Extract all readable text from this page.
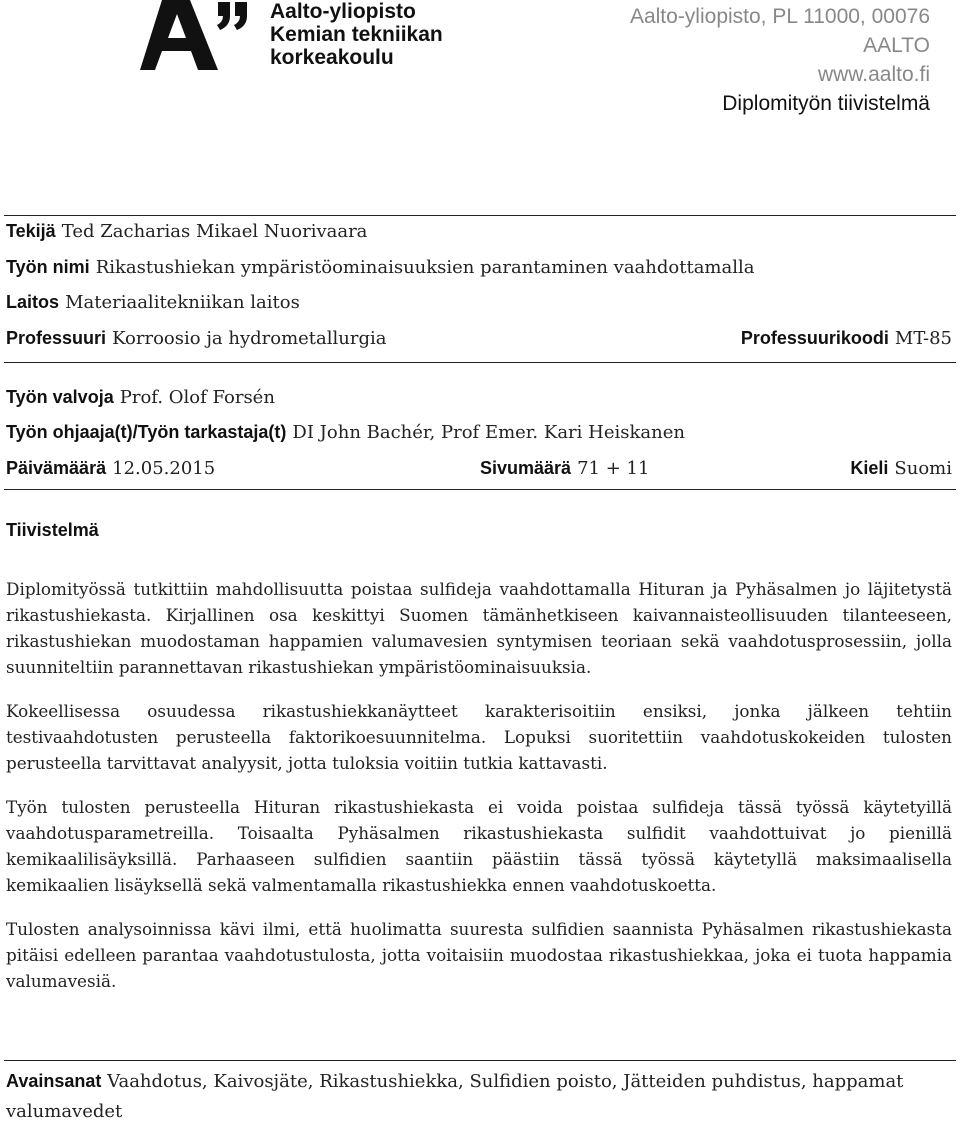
Aalto-yliopisto
Kemian tekniikan
korkeakoulu
Aalto-yliopisto, PL 11000, 00076
AALTO
www.aalto.fi
Diplomityön tiivistelmä
Tekijä Ted Zacharias Mikael Nuorivaara
Työn nimi Rikastushiekan ympäristöominaisuuksien parantaminen vaahdottamalla
Laitos Materiaalitekniikan laitos
Professuuri Korroosio ja hydrometallurgia	Professuurikoodi MT-85
Työn valvoja Prof. Olof Forsén
Työn ohjaaja(t)/Työn tarkastaja(t) DI John Bachér, Prof Emer. Kari Heiskanen
Päivämäärä 12.05.2015	Sivumäärä 71 + 11	Kieli Suomi
Tiivistelmä

Diplomityössä tutkittiin mahdollisuutta poistaa sulfideja vaahdottamalla Hituran ja Pyhäsalmen jo läjitetystä rikastushiekasta. Kirjallinen osa keskittyi Suomen tämänhetkiseen kaivannaisteollisuuden tilanteeseen, rikastushiekan muodostaman happamien valumavesien syntymisen teoriaan sekä vaahdotusprosessiin, jolla suunniteltiin parannettavan rikastushiekan ympäristöominaisuuksia.

Kokeellisessa osuudessa rikastushiekkanäytteet karakterisoitiin ensiksi, jonka jälkeen tehtiin testivaahdotusten perusteella faktorikoesuunnitelma. Lopuksi suoritettiin vaahdotuskokeiden tulosten perusteella tarvittavat analyysit, jotta tuloksia voitiin tutkia kattavasti.

Työn tulosten perusteella Hituran rikastushiekasta ei voida poistaa sulfideja tässä työssä käytetyillä vaahdotusparametreilla. Toisaalta Pyhäsalmen rikastushiekasta sulfidit vaahdottuivat jo pienillä kemikaalilisäyksillä. Parhaaseen sulfidien saantiin päästiin tässä työssä käytetyllä maksimaalisella kemikaalien lisäyksellä sekä valmentamalla rikastushiekka ennen vaahdotuskoetta.

Tulosten analysoinnissa kävi ilmi, että huolimatta suuresta sulfidien saannista Pyhäsalmen rikastushiekasta pitäisi edelleen parantaa vaahdotustulosta, jotta voitaisiin muodostaa rikastushiekkaa, joka ei tuota happamia valumavesiä.

Avainsanat Vaahdotus, Kaivosjäte, Rikastushiekka, Sulfidien poisto, Jätteiden puhdistus, happamat valumavedet
